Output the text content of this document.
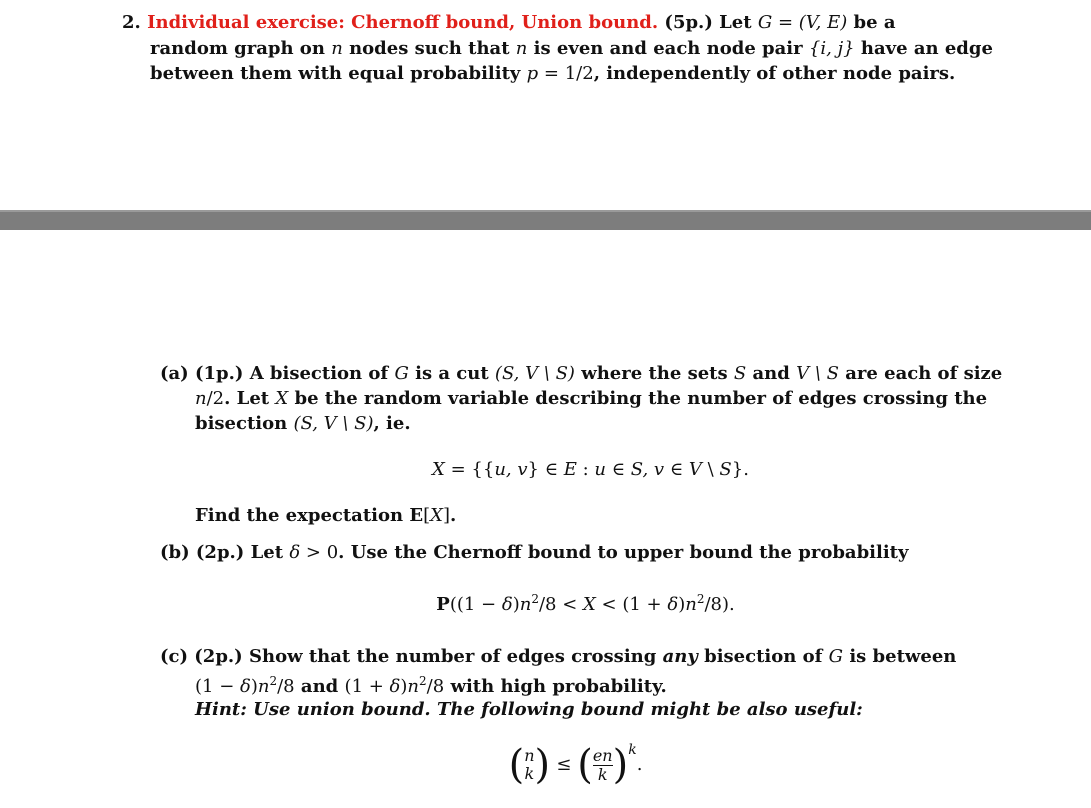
2. Individual exercise: Chernoff bound, Union bound. (5p.) Let G = (V, E) be a
random graph on n nodes such that n is even and each node pair {i, j} have an edge
between them with equal probability p = 1/2, independently of other node pairs.
(a) (1p.) A bisection of G is a cut (S, V \ S) where the sets S and V \ S are each of size
n/2. Let X be the random variable describing the number of edges crossing the
bisection (S, V \ S), ie.
X = {{u, v} ∈ E : u ∈ S, v ∈ V \ S}.
Find the expectation E[X].
(b) (2p.) Let δ > 0. Use the Chernoff bound to upper bound the probability
$P((1 - \delta)n^2/8 < X < (1 + \delta)n^2/8)$.
(c) (2p.) Show that the number of edges crossing any bisection of G is between
$(1 - \delta)n^2/8$ and $(1 + \delta)n^2/8$ with high probability.
Hint: Use union bound. The following bound might be also useful:
( n
k ) ≤ ( $\frac{en}{k} )^k$.
